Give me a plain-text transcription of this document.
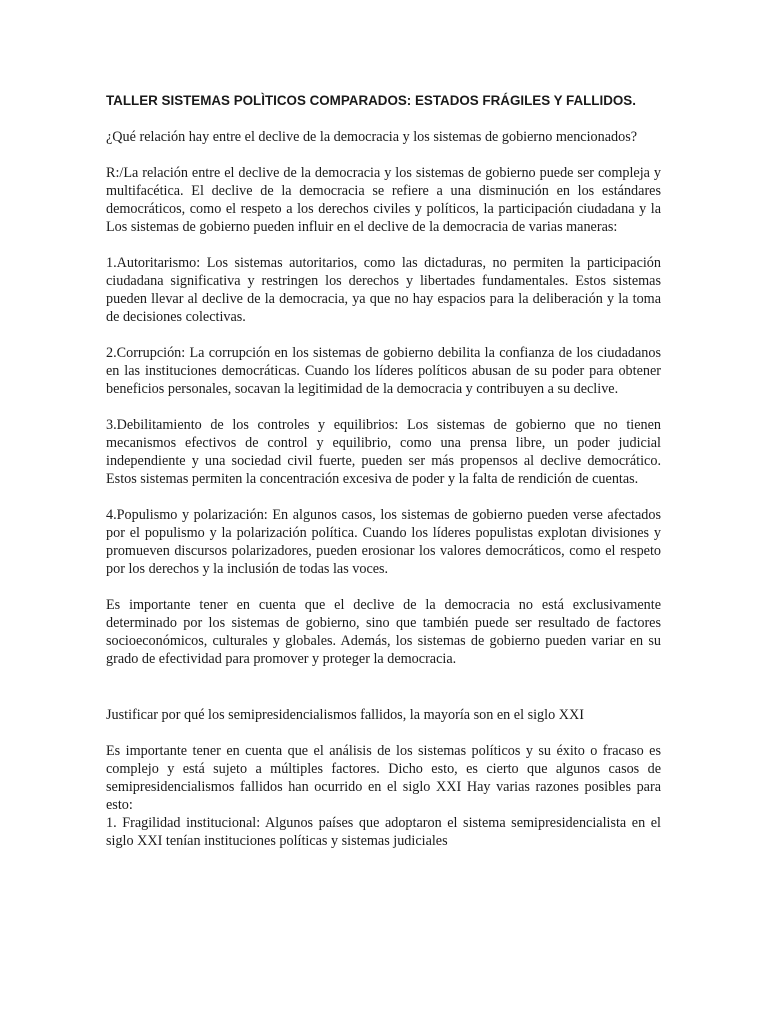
TALLER SISTEMAS POLÌTICOS COMPARADOS: ESTADOS FRÁGILES Y FALLIDOS.

¿Qué relación hay entre el declive de la democracia y los sistemas de gobierno mencionados?

R:/La relación entre el declive de la democracia y los sistemas de gobierno puede ser compleja y multifacética. El declive de la democracia se refiere a una disminución en los estándares democráticos, como el respeto a los derechos civiles y políticos, la participación ciudadana y la Los sistemas de gobierno pueden influir en el declive de la democracia de varias maneras:

1.Autoritarismo: Los sistemas autoritarios, como las dictaduras, no permiten la participación ciudadana significativa y restringen los derechos y libertades fundamentales. Estos sistemas pueden llevar al declive de la democracia, ya que no hay espacios para la deliberación y la toma de decisiones colectivas.

2.Corrupción: La corrupción en los sistemas de gobierno debilita la confianza de los ciudadanos en las instituciones democráticas. Cuando los líderes políticos abusan de su poder para obtener beneficios personales, socavan la legitimidad de la democracia y contribuyen a su declive.

3.Debilitamiento de los controles y equilibrios: Los sistemas de gobierno que no tienen mecanismos efectivos de control y equilibrio, como una prensa libre, un poder judicial independiente y una sociedad civil fuerte, pueden ser más propensos al declive democrático. Estos sistemas permiten la concentración excesiva de poder y la falta de rendición de cuentas.

4.Populismo y polarización: En algunos casos, los sistemas de gobierno pueden verse afectados por el populismo y la polarización política. Cuando los líderes populistas explotan divisiones y promueven discursos polarizadores, pueden erosionar los valores democráticos, como el respeto por los derechos y la inclusión de todas las voces.

Es importante tener en cuenta que el declive de la democracia no está exclusivamente determinado por los sistemas de gobierno, sino que también puede ser resultado de factores socioeconómicos, culturales y globales. Además, los sistemas de gobierno pueden variar en su grado de efectividad para promover y proteger la democracia.

Justificar por qué los semipresidencialismos fallidos, la mayoría son en el siglo XXI

Es importante tener en cuenta que el análisis de los sistemas políticos y su éxito o fracaso es complejo y está sujeto a múltiples factores. Dicho esto, es cierto que algunos casos de semipresidencialismos fallidos han ocurrido en el siglo XXI Hay varias razones posibles para esto:

1. Fragilidad institucional: Algunos países que adoptaron el sistema semipresidencialista en el siglo XXI tenían instituciones políticas y sistemas judiciales
